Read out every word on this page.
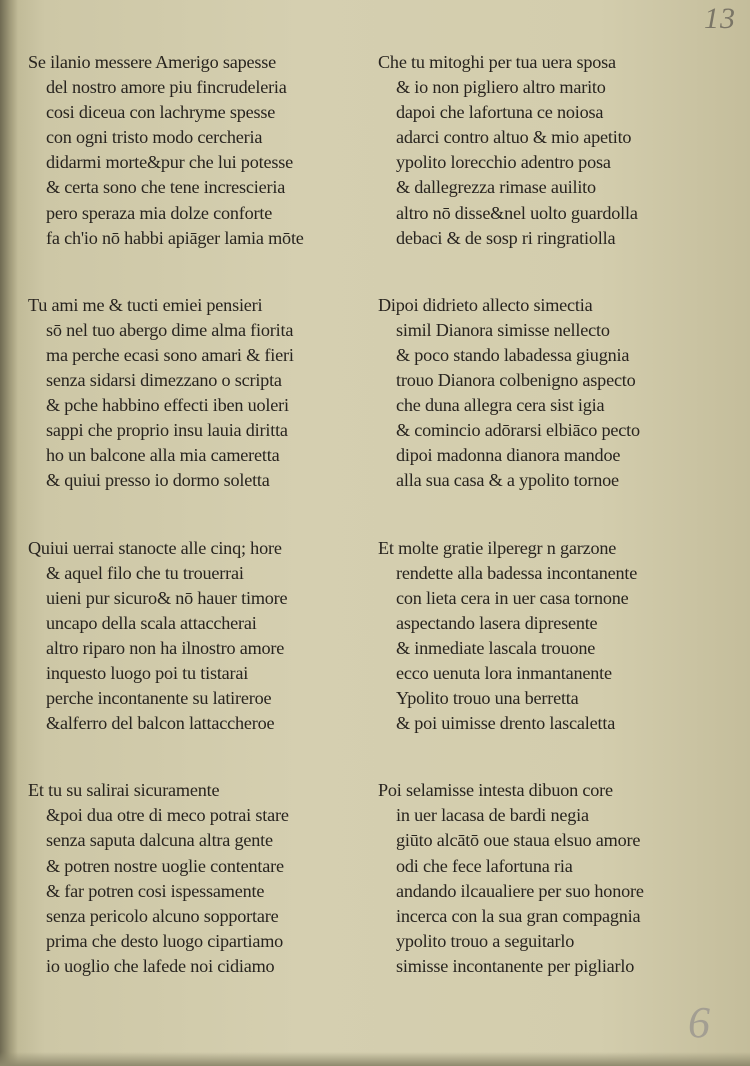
13
Se ilanio messere Amerigo sapesse
del nostro amore piu fincrudeleria
cosi diceua con lachryme spesse
con ogni tristo modo cercheria
didarmi morte&pur che lui potesse
& certa sono che tene increscieria
pero speraza mia dolze conforte
fa ch'io nō habbi apiāger lamia mōte
Tu ami me & tucti emiei pensieri
sō nel tuo abergo dime alma fiorita
ma perche ecasi sono amari & fieri
senza sidarsi dimezzano o scripta
& pche habbino effecti iben uoleri
sappi che proprio insu lauia diritta
ho un balcone alla mia cameretta
& quiui presso io dormo soletta
Quiui uerrai stanocte alle cinq; hore
& aquel filo che tu trouerrai
uieni pur sicuro& nō hauer timore
uncapo della scala attaccherai
altro riparo non ha ilnostro amore
inquesto luogo poi tu tistarai
perche incontanente su latireroe
&alferro del balcon lattaccheroe
Et tu su salirai sicuramente
&poi dua otre di meco potrai stare
senza saputa dalcuna altra gente
& potren nostre uoglie contentare
& far potren cosi ispessamente
senza pericolo alcuno sopportare
prima che desto luogo cipartiamo
io uoglio che lafede noi cidiamo
Che tu mitoghi per tua uera sposa
& io non pigliero altro marito
dapoi che lafortuna ce noiosa
adarci contro altuo & mio apetito
ypolito lorecchio adentro posa
& dallegrezza rimase auilito
altro nō disse&nel uolto guardolla
debaci & de sosp ri ringratiolla
Dipoi didrieto allecto simectia
simil Dianora simisse nellecto
& poco stando labadessa giugnia
trouo Dianora colbenigno aspecto
che duna allegra cera sist igia
& comincio adōrarsi elbiāco pecto
dipoi madonna dianora mandoe
alla sua casa & a ypolito tornoe
Et molte gratie ilperegr n garzone
rendette alla badessa incontanente
con lieta cera in uer casa tornone
aspectando lasera dipresente
& inmediate lascala trouone
ecco uenuta lora inmantanente
Ypolito trouo una berretta
& poi uimisse drento lascaletta
Poi selamisse intesta dibuon core
in uer lacasa de bardi negia
giūto alcātō oue staua elsuo amore
odi che fece lafortuna ria
andando ilcaualiere per suo honore
incerca con la sua gran compagnia
ypolito trouo a seguitarlo
simisse incontanente per pigliarlo
6
